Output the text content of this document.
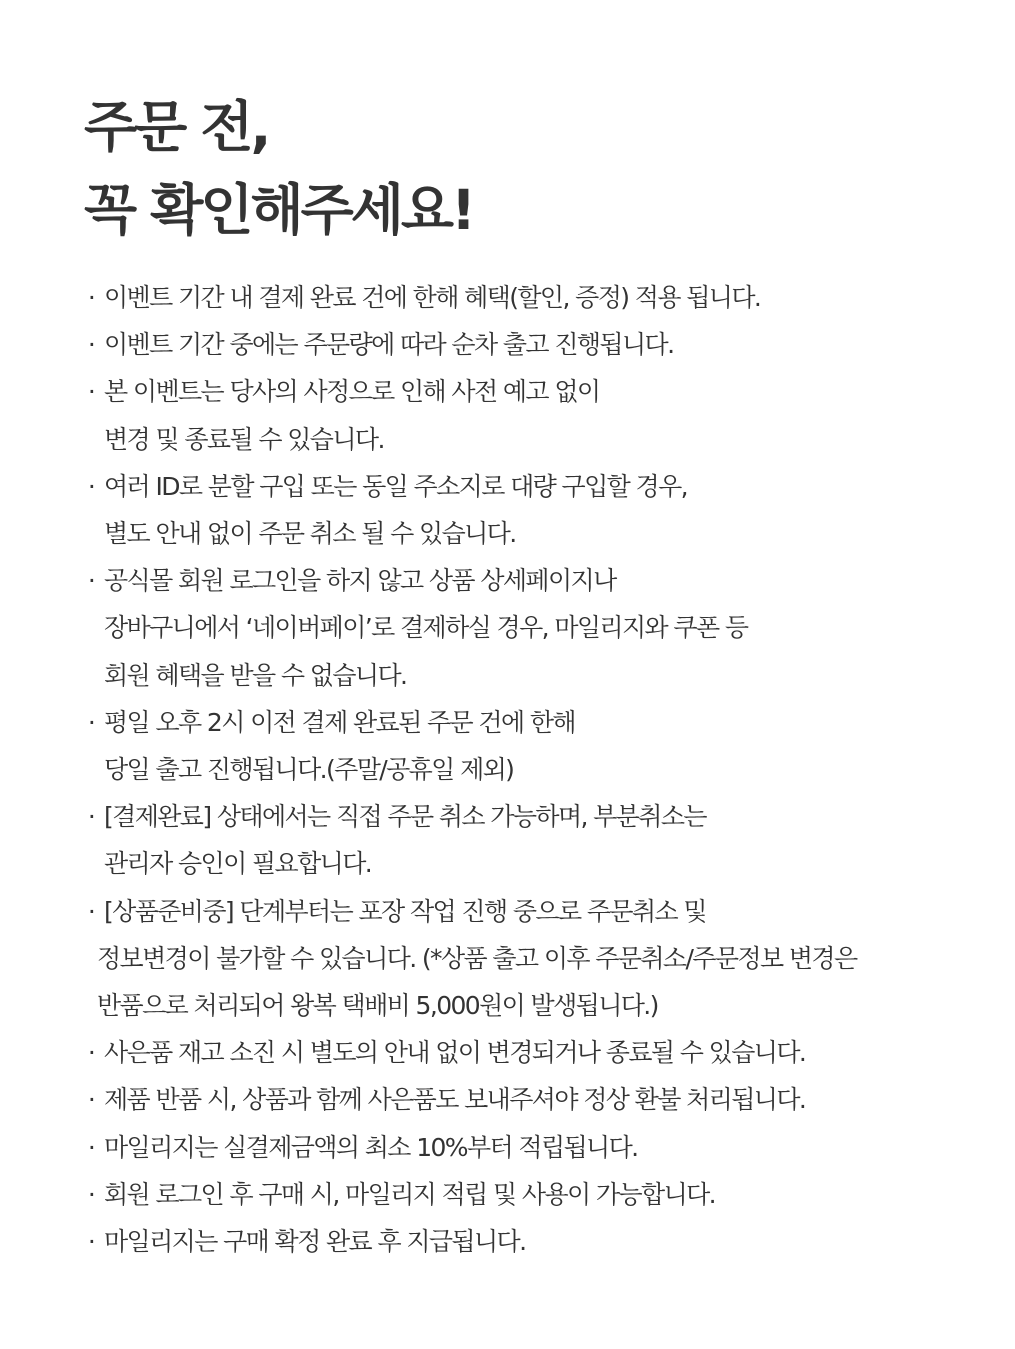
주문 전,
꼭 확인해주세요!
· 이벤트 기간 내 결제 완료 건에 한해 혜택(할인, 증정) 적용 됩니다.
· 이벤트 기간 중에는 주문량에 따라 순차 출고 진행됩니다.
· 본 이벤트는 당사의 사정으로 인해 사전 예고 없이
변경 및 종료될 수 있습니다.
· 여러 ID로 분할 구입 또는 동일 주소지로 대량 구입할 경우,
별도 안내 없이 주문 취소 될 수 있습니다.
· 공식몰 회원 로그인을 하지 않고 상품 상세페이지나
장바구니에서 ‘네이버페이’로 결제하실 경우, 마일리지와 쿠폰 등
회원 혜택을 받을 수 없습니다.
· 평일 오후 2시 이전 결제 완료된 주문 건에 한해
당일 출고 진행됩니다.(주말/공휴일 제외)
· [결제완료] 상태에서는 직접 주문 취소 가능하며, 부분취소는
관리자 승인이 필요합니다.
· [상품준비중] 단계부터는 포장 작업 진행 중으로 주문취소 및
정보변경이 불가할 수 있습니다. (*상품 출고 이후 주문취소/주문정보 변경은
반품으로 처리되어 왕복 택배비 5,000원이 발생됩니다.)
· 사은품 재고 소진 시 별도의 안내 없이 변경되거나 종료될 수 있습니다.
· 제품 반품 시, 상품과 함께 사은품도 보내주셔야 정상 환불 처리됩니다.
· 마일리지는 실결제금액의 최소 10%부터 적립됩니다.
· 회원 로그인 후 구매 시, 마일리지 적립 및 사용이 가능합니다.
· 마일리지는 구매 확정 완료 후 지급됩니다.
